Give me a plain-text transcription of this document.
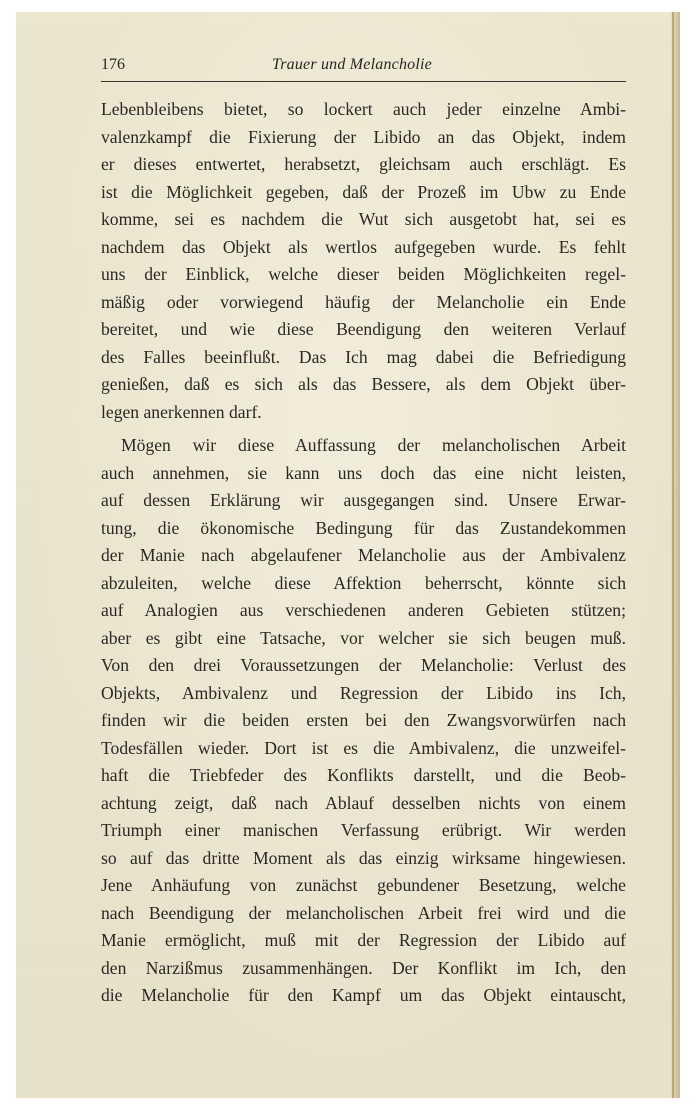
176	Trauer und Melancholie
Lebenbleibens bietet, so lockert auch jeder einzelne Ambi-
valenzkampf die Fixierung der Libido an das Objekt, indem
er dieses entwertet, herabsetzt, gleichsam auch erschlägt. Es
ist die Möglichkeit gegeben, daß der Prozeß im Ubw zu Ende
komme, sei es nachdem die Wut sich ausgetobt hat, sei es
nachdem das Objekt als wertlos aufgegeben wurde. Es fehlt
uns der Einblick, welche dieser beiden Möglichkeiten regel-
mäßig oder vorwiegend häufig der Melancholie ein Ende
bereitet, und wie diese Beendigung den weiteren Verlauf
des Falles beeinflußt. Das Ich mag dabei die Befriedigung
genießen, daß es sich als das Bessere, als dem Objekt über-
legen anerkennen darf.
Mögen wir diese Auffassung der melancholischen Arbeit
auch annehmen, sie kann uns doch das eine nicht leisten,
auf dessen Erklärung wir ausgegangen sind. Unsere Erwar-
tung, die ökonomische Bedingung für das Zustandekommen
der Manie nach abgelaufener Melancholie aus der Ambivalenz
abzuleiten, welche diese Affektion beherrscht, könnte sich
auf Analogien aus verschiedenen anderen Gebieten stützen;
aber es gibt eine Tatsache, vor welcher sie sich beugen muß.
Von den drei Voraussetzungen der Melancholie: Verlust des
Objekts, Ambivalenz und Regression der Libido ins Ich,
finden wir die beiden ersten bei den Zwangsvorwürfen nach
Todesfällen wieder. Dort ist es die Ambivalenz, die unzweifel-
haft die Triebfeder des Konflikts darstellt, und die Beob-
achtung zeigt, daß nach Ablauf desselben nichts von einem
Triumph einer manischen Verfassung erübrigt. Wir werden
so auf das dritte Moment als das einzig wirksame hingewiesen.
Jene Anhäufung von zunächst gebundener Besetzung, welche
nach Beendigung der melancholischen Arbeit frei wird und die
Manie ermöglicht, muß mit der Regression der Libido auf
den Narzißmus zusammenhängen. Der Konflikt im Ich, den
die Melancholie für den Kampf um das Objekt eintauscht,
